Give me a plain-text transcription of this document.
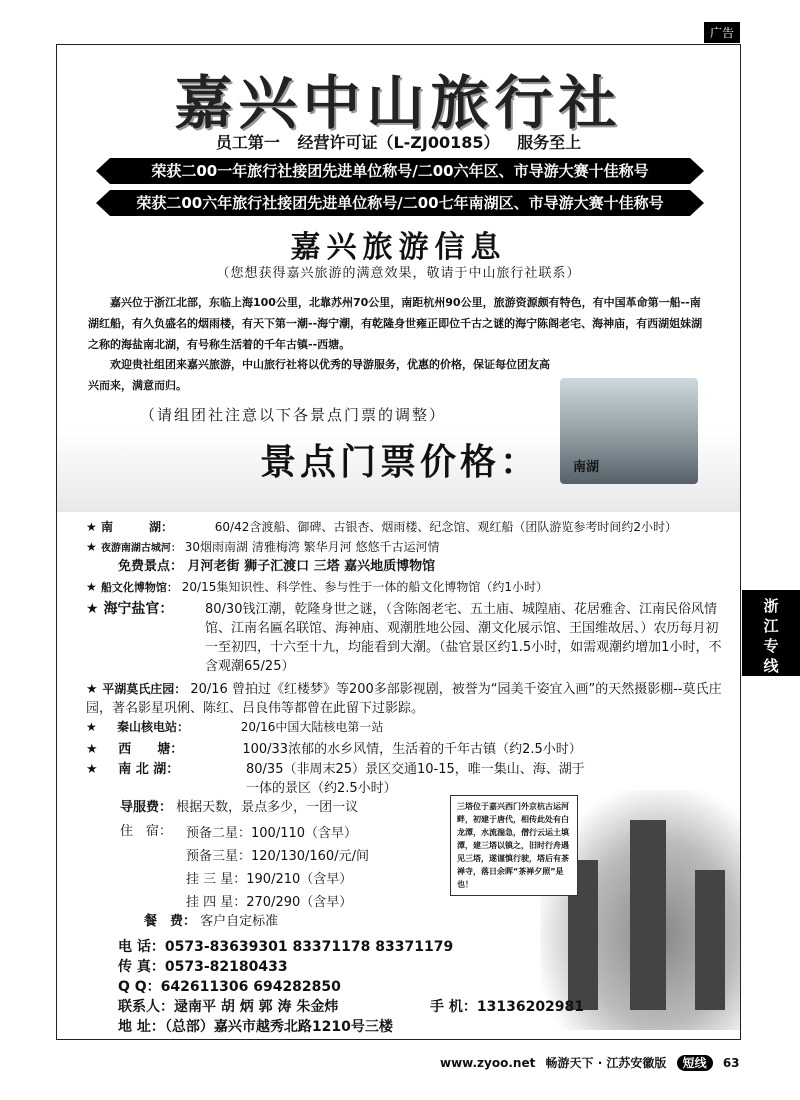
广告
浙
江
专
线
嘉兴中山旅行社
员工第一 经营许可证（L-ZJ00185） 服务至上
荣获二00一年旅行社接团先进单位称号/二00六年区、市导游大赛十佳称号
荣获二00六年旅行社接团先进单位称号/二00七年南湖区、市导游大赛十佳称号
嘉兴旅游信息
（您想获得嘉兴旅游的满意效果，敬请于中山旅行社联系）
嘉兴位于浙江北部，东临上海100公里，北靠苏州70公里，南距杭州90公里，旅游资源颇有特色，有中国革命第一船--南湖红船，有久负盛名的烟雨楼，有天下第一潮--海宁潮，有乾隆身世雍正即位千古之谜的海宁陈阁老宅、海神庙，有西湖姐妹湖之称的海盐南北湖，有号称生活着的千年古镇--西塘。
欢迎贵社组团来嘉兴旅游，中山旅行社将以优秀的导游服务，优惠的价格，保证每位团友高兴而来，满意而归。
（请组团社注意以下各景点门票的调整）
景点门票价格：	南湖
★ 南　　　湖：	60/42含渡船、御碑、古银杏、烟雨楼、纪念馆、观红船（团队游览参考时间约2小时）
★ 夜游南湖古城河： 30烟雨南湖 清雅梅湾 繁华月河 悠悠千古运河情
免费景点： 月河老街 狮子汇渡口 三塔 嘉兴地质博物馆
★ 船文化博物馆： 20/15集知识性、科学性、参与性于一体的船文化博物馆（约1小时）
★ 海宁盐官：	80/30钱江潮，乾隆身世之谜，（含陈阁老宅、五土庙、城隍庙、花居雅舍、江南民俗风情馆、江南名匾名联馆、海神庙、观潮胜地公园、潮文化展示馆、王国维故居、）农历每月初一至初四，十六至十九，均能看到大潮。（盐官景区约1.5小时，如需观潮约增加1小时，不含观潮65/25）
★ 平湖莫氏庄园： 20/16 曾拍过《红楼梦》等200多部影视剧，被誉为“园美千姿宜入画”的天然摄影棚--莫氏庄园，著名影星巩俐、陈红、吕良伟等都曾在此留下过影踪。
★ 秦山核电站：	20/16中国大陆核电第一站
★ 西　　塘：	100/33浓郁的水乡风情，生活着的千年古镇（约2.5小时）
★ 南 北 湖：	80/35（非周末25）景区交通10-15，唯一集山、海、湖于一体的景区（约2.5小时）
导服费： 根据天数，景点多少，一团一议
住　宿： 预备二星：100/110（含早）
预备三星：120/130/160/元/间
挂 三 星：190/210（含早）
挂 四 星：270/290（含早）
餐　费： 客户自定标准
三塔位于嘉兴西门外京杭古运河畔，初建于唐代，相传此处有白龙潭，水流湍急，僧行云运土填潭，建三塔以镇之，旧时行舟遇见三塔，遂谨慎行驶，塔后有茶禅寺，落日余晖“茶禅夕照”是也！
电 话：0573-83639301 83371178 83371179
传 真：0573-82180433
Q Q：642611306 694282850
联系人：逯南平 胡 炳 郭 涛 朱金炜	手 机：13136202981
地 址：（总部）嘉兴市越秀北路1210号三楼
www.zyoo.net 畅游天下 · 江苏安徽版 短线 63
